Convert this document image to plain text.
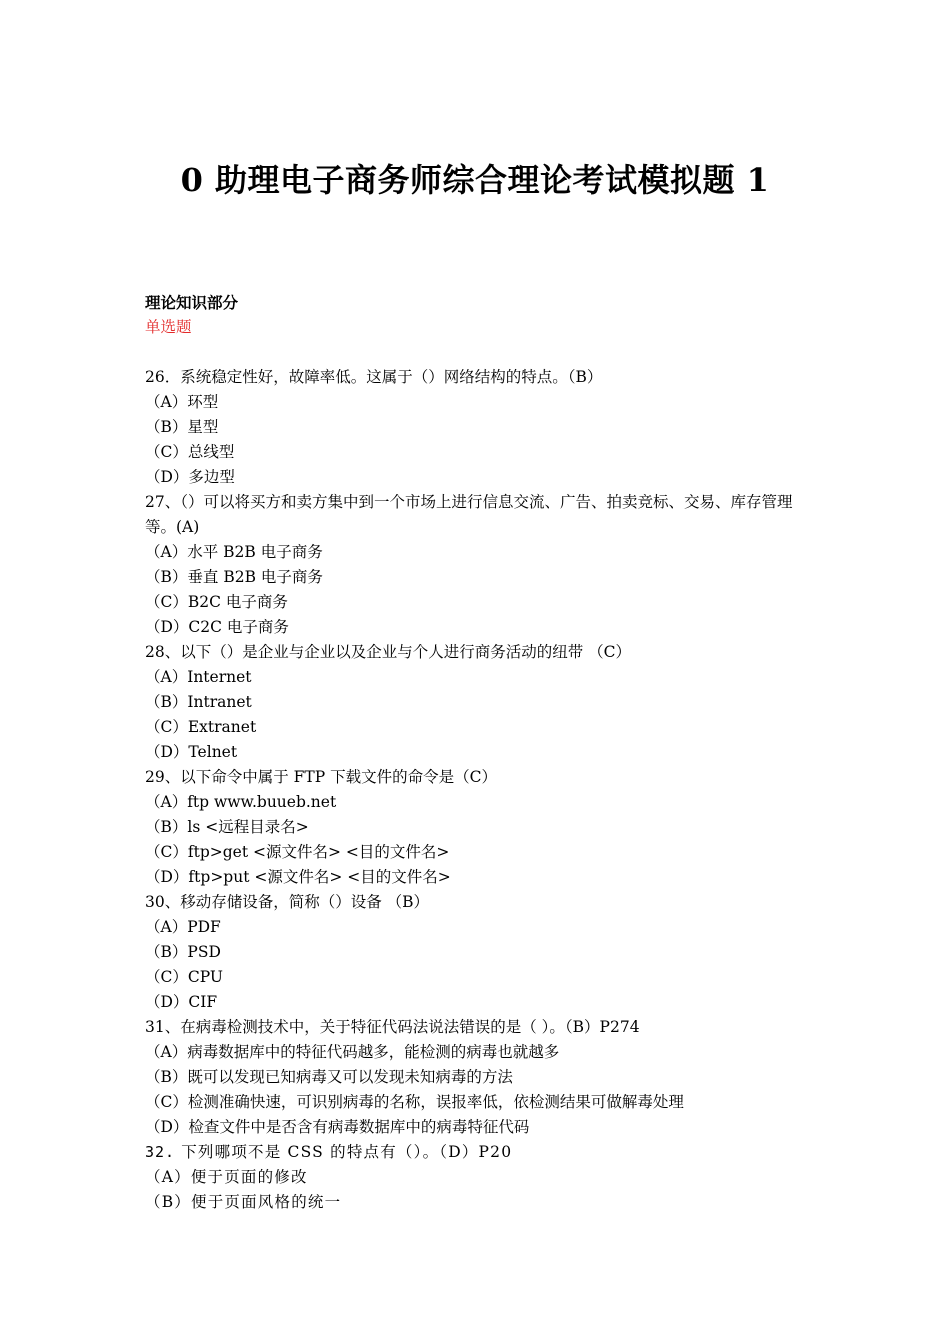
0 助理电子商务师综合理论考试模拟题 1
理论知识部分
单选题
26．系统稳定性好，故障率低。这属于（）网络结构的特点。（B）
（A）环型
（B）星型
（C）总线型
（D）多边型
27、（）可以将买方和卖方集中到一个市场上进行信息交流、广告、拍卖竞标、交易、库存管理等。(A)
（A）水平 B2B 电子商务
（B）垂直 B2B 电子商务
（C）B2C 电子商务
（D）C2C 电子商务
28、以下（）是企业与企业以及企业与个人进行商务活动的纽带 （C）
（A）Internet
（B）Intranet
（C）Extranet
（D）Telnet
29、以下命令中属于 FTP 下载文件的命令是（C）
（A）ftp www.buueb.net
（B）ls <远程目录名>
（C）ftp>get <源文件名> <目的文件名>
（D）ftp>put <源文件名> <目的文件名>
30、移动存储设备，简称（）设备 （B）
（A）PDF
（B）PSD
（C）CPU
（D）CIF
31、在病毒检测技术中，关于特征代码法说法错误的是（ ）。（B）P274
（A）病毒数据库中的特征代码越多，能检测的病毒也就越多
（B）既可以发现已知病毒又可以发现未知病毒的方法
（C）检测准确快速，可识别病毒的名称，误报率低，依检测结果可做解毒处理
（D）检查文件中是否含有病毒数据库中的病毒特征代码
32. 下列哪项不是 CSS 的特点有（）。（D）P20
（A）便于页面的修改
（B）便于页面风格的统一
